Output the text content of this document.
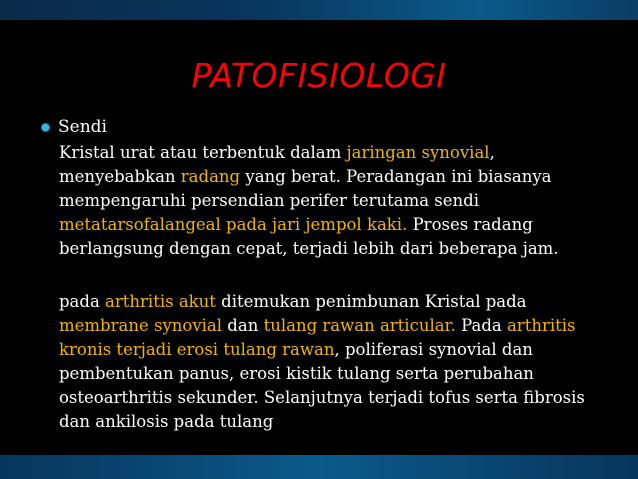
PATOFISIOLOGI
Sendi
Kristal urat atau terbentuk dalam jaringan synovial, menyebabkan radang yang berat. Peradangan ini biasanya mempengaruhi persendian perifer terutama sendi metatarsofalangeal pada jari jempol kaki. Proses radang berlangsung dengan cepat, terjadi lebih dari beberapa jam.
pada arthritis akut ditemukan penimbunan Kristal pada membrane synovial dan tulang rawan articular. Pada arthritis kronis terjadi erosi tulang rawan, poliferasi synovial dan pembentukan panus, erosi kistik tulang serta perubahan osteoarthritis sekunder. Selanjutnya terjadi tofus serta fibrosis dan ankilosis pada tulang
